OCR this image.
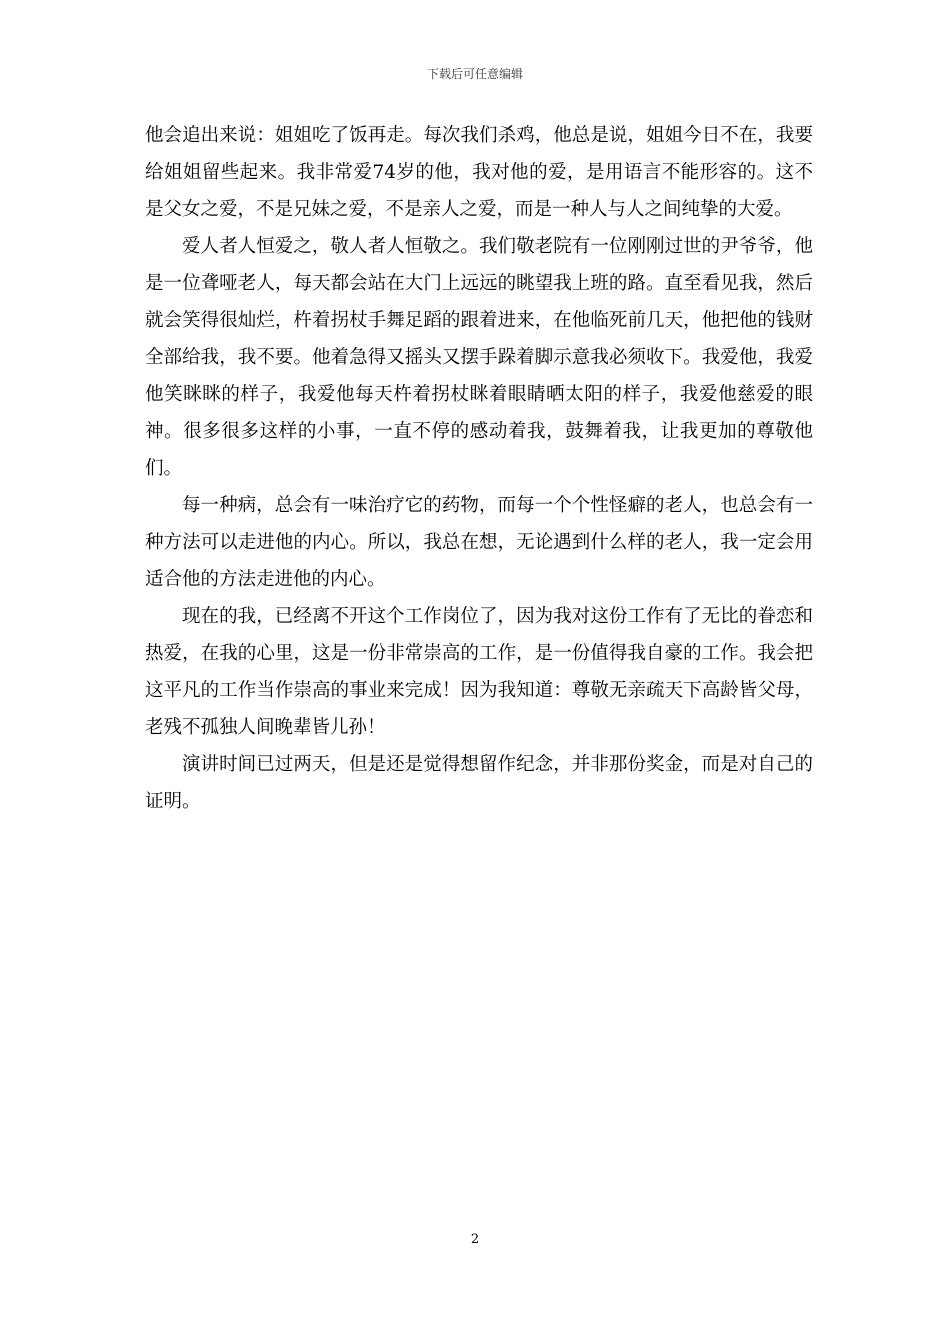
下载后可任意编辑

他会追出来说：姐姐吃了饭再走。每次我们杀鸡，他总是说，姐姐今日不在，我要给姐姐留些起来。我非常爱74岁的他，我对他的爱，是用语言不能形容的。这不是父女之爱，不是兄妹之爱，不是亲人之爱，而是一种人与人之间纯挚的大爱。

爱人者人恒爱之，敬人者人恒敬之。我们敬老院有一位刚刚过世的尹爷爷，他是一位聋哑老人，每天都会站在大门上远远的眺望我上班的路。直至看见我，然后就会笑得很灿烂，杵着拐杖手舞足蹈的跟着进来，在他临死前几天，他把他的钱财全部给我，我不要。他着急得又摇头又摆手跺着脚示意我必须收下。我爱他，我爱他笑眯眯的样子，我爱他每天杵着拐杖眯着眼睛晒太阳的样子，我爱他慈爱的眼神。很多很多这样的小事，一直不停的感动着我，鼓舞着我，让我更加的尊敬他们。

每一种病，总会有一味治疗它的药物，而每一个个性怪癖的老人，也总会有一种方法可以走进他的内心。所以，我总在想，无论遇到什么样的老人，我一定会用适合他的方法走进他的内心。

现在的我，已经离不开这个工作岗位了，因为我对这份工作有了无比的眷恋和热爱，在我的心里，这是一份非常崇高的工作，是一份值得我自豪的工作。我会把这平凡的工作当作崇高的事业来完成！因为我知道：尊敬无亲疏天下高龄皆父母，老残不孤独人间晚辈皆儿孙！

演讲时间已过两天，但是还是觉得想留作纪念，并非那份奖金，而是对自己的证明。

2
